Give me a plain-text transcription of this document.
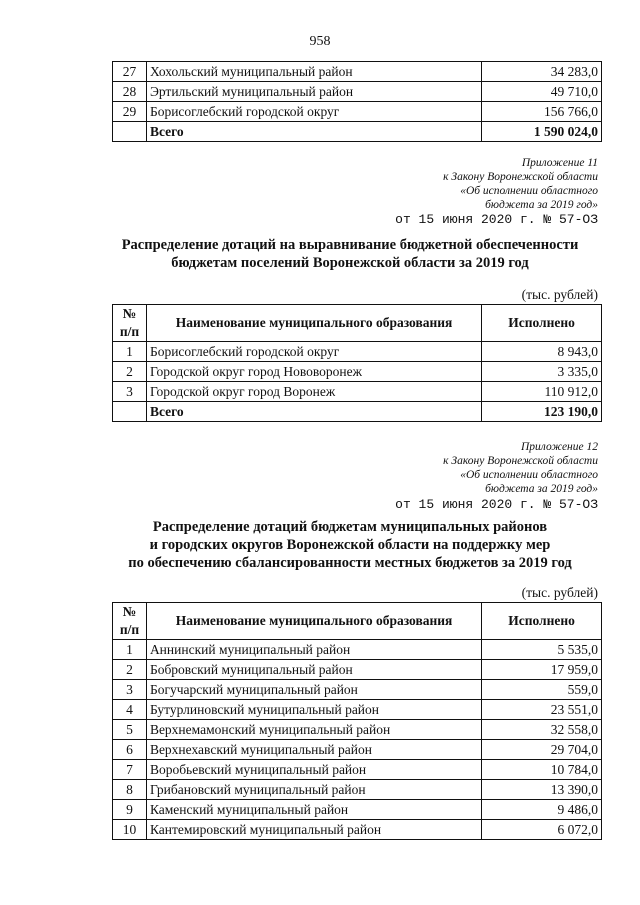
958
27	Хохольский муниципальный район	34 283,0
28	Эртильский муниципальный район	49 710,0
29	Борисоглебский городской округ	156 766,0
	Всего	1 590 024,0
Приложение 11
к Закону Воронежской области
«Об исполнении областного
бюджета за 2019 год»
от 15 июня 2020 г. № 57-ОЗ
Распределение дотаций на выравнивание бюджетной обеспеченности
бюджетам поселений Воронежской области за 2019 год
(тыс. рублей)
№ п/п	Наименование муниципального образования	Исполнено
1	Борисоглебский городской округ	8 943,0
2	Городской округ город Нововоронеж	3 335,0
3	Городской округ город Воронеж	110 912,0
	Всего	123 190,0
Приложение 12
к Закону Воронежской области
«Об исполнении областного
бюджета за 2019 год»
от 15 июня 2020 г. № 57-ОЗ
Распределение дотаций бюджетам муниципальных районов
и городских округов Воронежской области на поддержку мер
по обеспечению сбалансированности местных бюджетов за 2019 год
(тыс. рублей)
№ п/п	Наименование муниципального образования	Исполнено
1	Аннинский муниципальный район	5 535,0
2	Бобровский муниципальный район	17 959,0
3	Богучарский муниципальный район	559,0
4	Бутурлиновский муниципальный район	23 551,0
5	Верхнемамонский муниципальный район	32 558,0
6	Верхнехавский муниципальный район	29 704,0
7	Воробьевский муниципальный район	10 784,0
8	Грибановский муниципальный район	13 390,0
9	Каменский муниципальный район	9 486,0
10	Кантемировский муниципальный район	6 072,0
